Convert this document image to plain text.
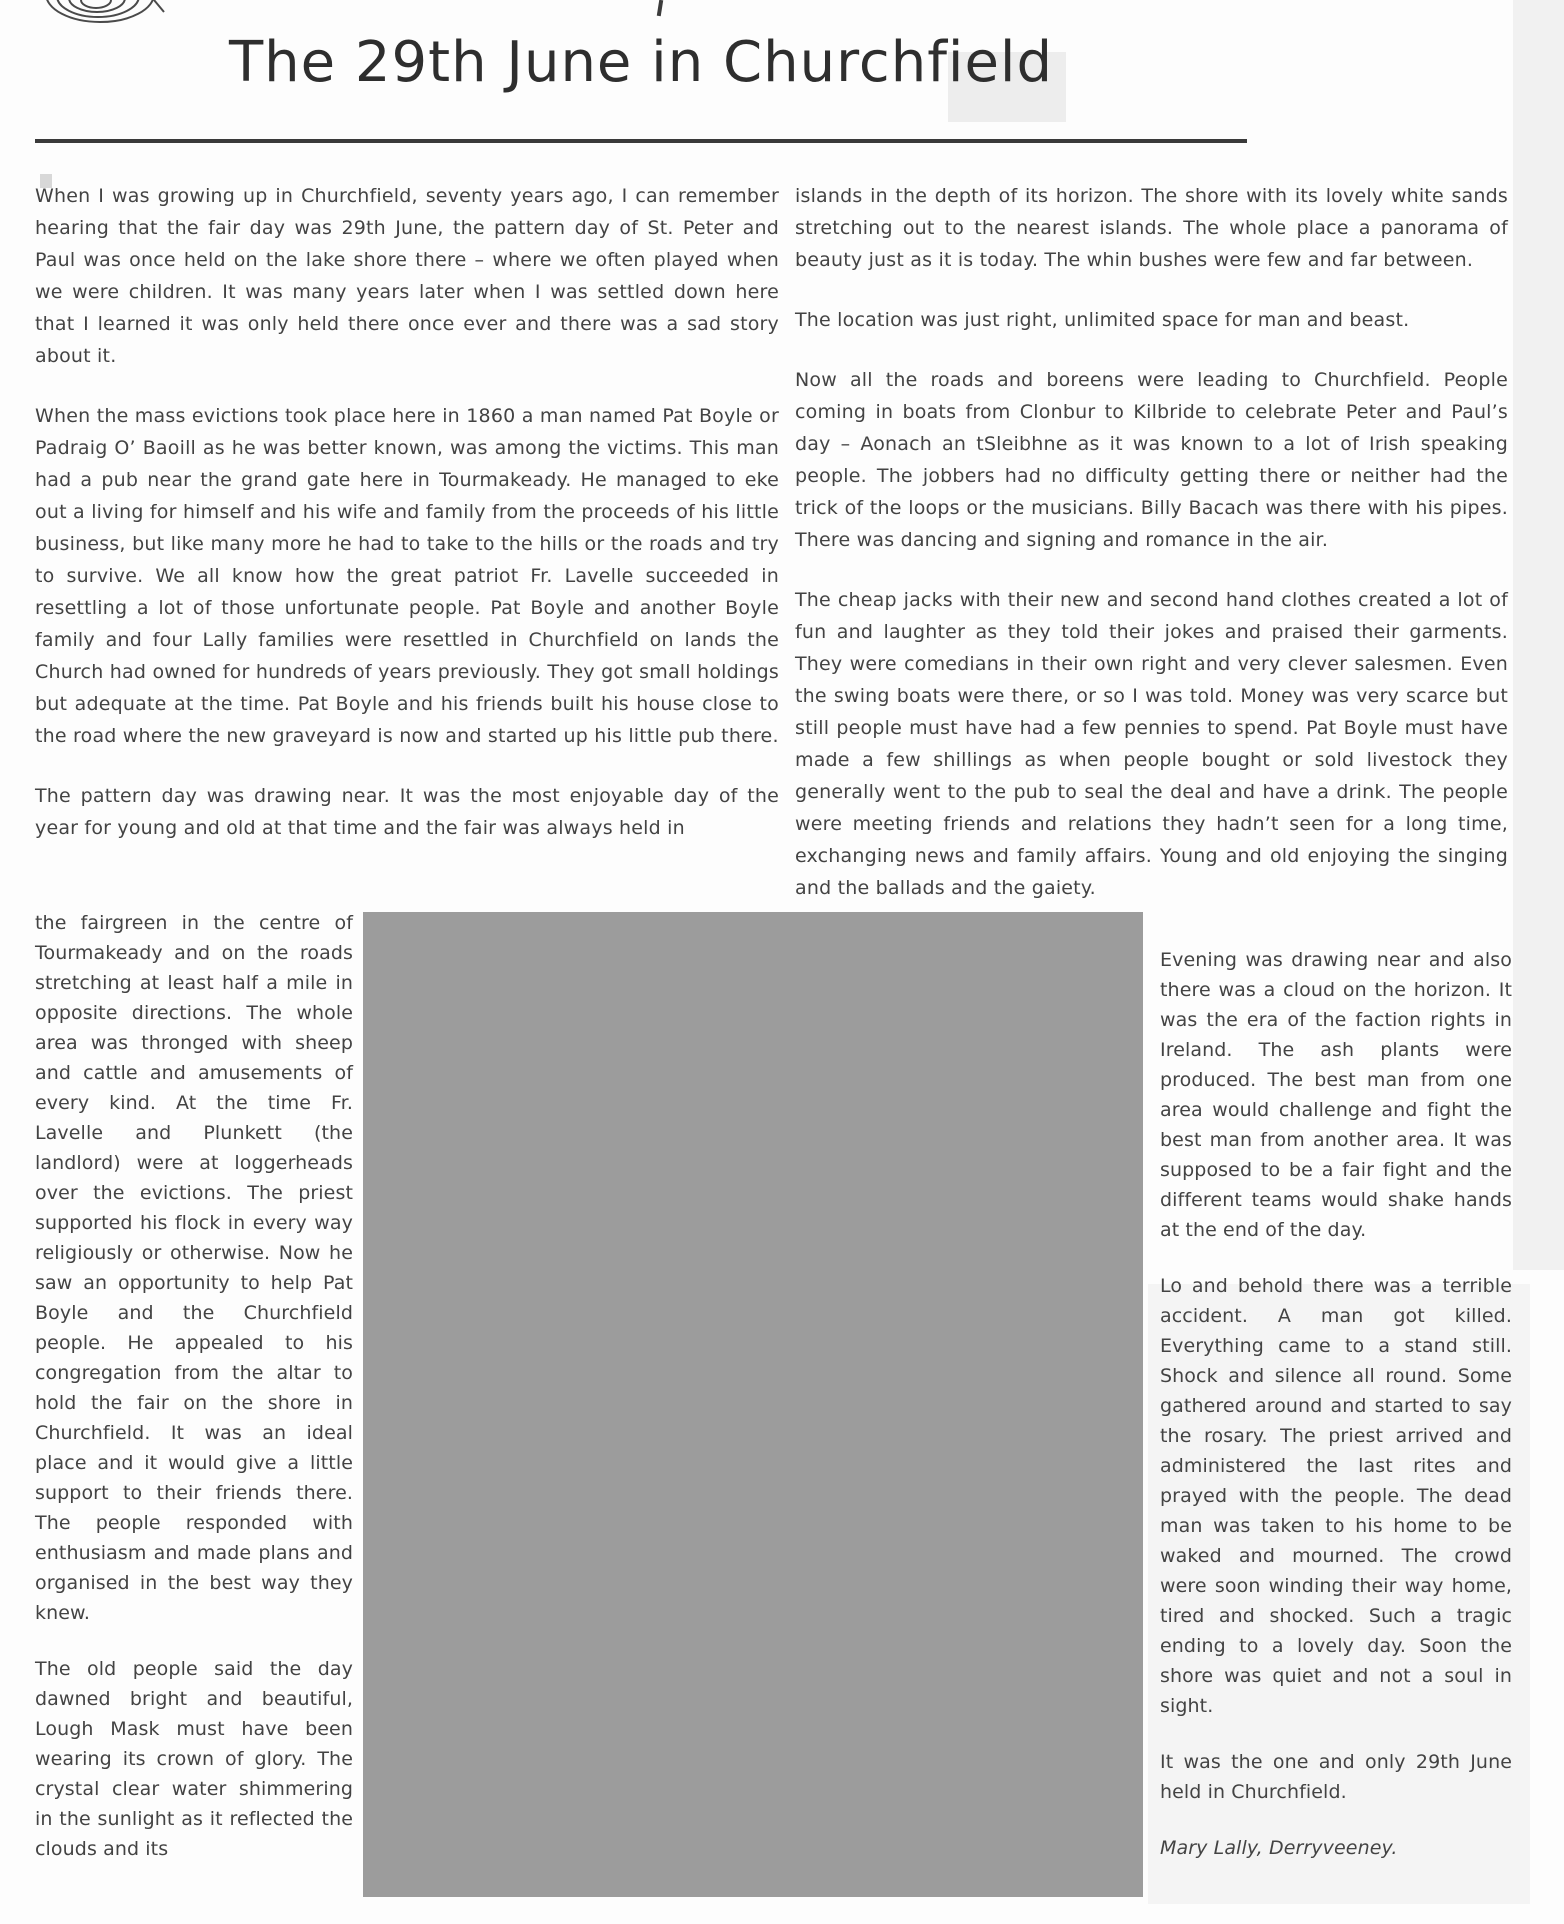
The 29th June in Churchfield

When I was growing up in Churchfield, seventy years ago, I can remember hearing that the fair day was 29th June, the pattern day of St. Peter and Paul was once held on the lake shore there – where we often played when we were children. It was many years later when I was settled down here that I learned it was only held there once ever and there was a sad story about it.

When the mass evictions took place here in 1860 a man named Pat Boyle or Padraig O’ Baoill as he was better known, was among the victims. This man had a pub near the grand gate here in Tourmakeady. He managed to eke out a living for himself and his wife and family from the proceeds of his little business, but like many more he had to take to the hills or the roads and try to survive. We all know how the great patriot Fr. Lavelle succeeded in resettling a lot of those unfortunate people. Pat Boyle and another Boyle family and four Lally families were resettled in Churchfield on lands the Church had owned for hundreds of years previously. They got small holdings but adequate at the time. Pat Boyle and his friends built his house close to the road where the new graveyard is now and started up his little pub there.

The pattern day was drawing near. It was the most enjoyable day of the year for young and old at that time and the fair was always held in

islands in the depth of its horizon. The shore with its lovely white sands stretching out to the nearest islands. The whole place a panorama of beauty just as it is today. The whin bushes were few and far between.

The location was just right, unlimited space for man and beast.

Now all the roads and boreens were leading to Churchfield. People coming in boats from Clonbur to Kilbride to celebrate Peter and Paul’s day – Aonach an tSleibhne as it was known to a lot of Irish speaking people. The jobbers had no difficulty getting there or neither had the trick of the loops or the musicians. Billy Bacach was there with his pipes. There was dancing and signing and romance in the air.

The cheap jacks with their new and second hand clothes created a lot of fun and laughter as they told their jokes and praised their garments. They were comedians in their own right and very clever salesmen. Even the swing boats were there, or so I was told. Money was very scarce but still people must have had a few pennies to spend. Pat Boyle must have made a few shillings as when people bought or sold livestock they generally went to the pub to seal the deal and have a drink. The people were meeting friends and relations they hadn’t seen for a long time, exchanging news and family affairs. Young and old enjoying the singing and the ballads and the gaiety.

the fairgreen in the centre of Tourmakeady and on the roads stretching at least half a mile in opposite directions. The whole area was thronged with sheep and cattle and amusements of every kind. At the time Fr. Lavelle and Plunkett (the landlord) were at loggerheads over the evictions. The priest supported his flock in every way religiously or otherwise. Now he saw an opportunity to help Pat Boyle and the Churchfield people. He appealed to his congregation from the altar to hold the fair on the shore in Churchfield. It was an ideal place and it would give a little support to their friends there. The people responded with enthusiasm and made plans and organised in the best way they knew.

The old people said the day dawned bright and beautiful, Lough Mask must have been wearing its crown of glory. The crystal clear water shimmering in the sunlight as it reflected the clouds and its

Evening was drawing near and also there was a cloud on the horizon. It was the era of the faction rights in Ireland. The ash plants were produced. The best man from one area would challenge and fight the best man from another area. It was supposed to be a fair fight and the different teams would shake hands at the end of the day.

Lo and behold there was a terrible accident. A man got killed. Everything came to a stand still. Shock and silence all round. Some gathered around and started to say the rosary. The priest arrived and administered the last rites and prayed with the people. The dead man was taken to his home to be waked and mourned. The crowd were soon winding their way home, tired and shocked. Such a tragic ending to a lovely day. Soon the shore was quiet and not a soul in sight.

It was the one and only 29th June held in Churchfield.

Mary Lally, Derryveeney.
